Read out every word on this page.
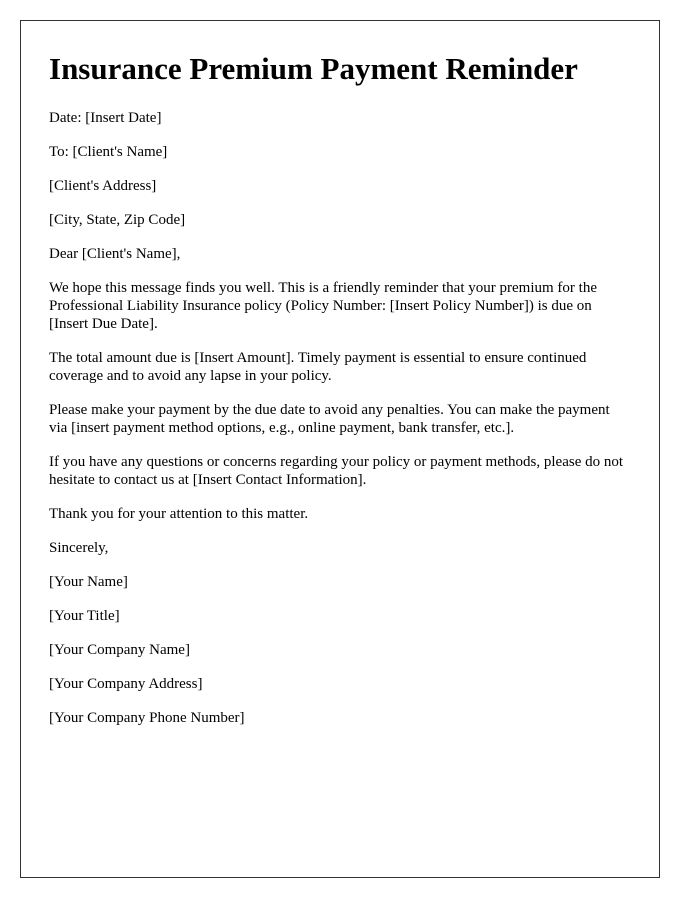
Insurance Premium Payment Reminder

Date: [Insert Date]

To: [Client's Name]

[Client's Address]

[City, State, Zip Code]

Dear [Client's Name],

We hope this message finds you well. This is a friendly reminder that your premium for the Professional Liability Insurance policy (Policy Number: [Insert Policy Number]) is due on [Insert Due Date].

The total amount due is [Insert Amount]. Timely payment is essential to ensure continued coverage and to avoid any lapse in your policy.

Please make your payment by the due date to avoid any penalties. You can make the payment via [insert payment method options, e.g., online payment, bank transfer, etc.].

If you have any questions or concerns regarding your policy or payment methods, please do not hesitate to contact us at [Insert Contact Information].

Thank you for your attention to this matter.

Sincerely,

[Your Name]

[Your Title]

[Your Company Name]

[Your Company Address]

[Your Company Phone Number]
